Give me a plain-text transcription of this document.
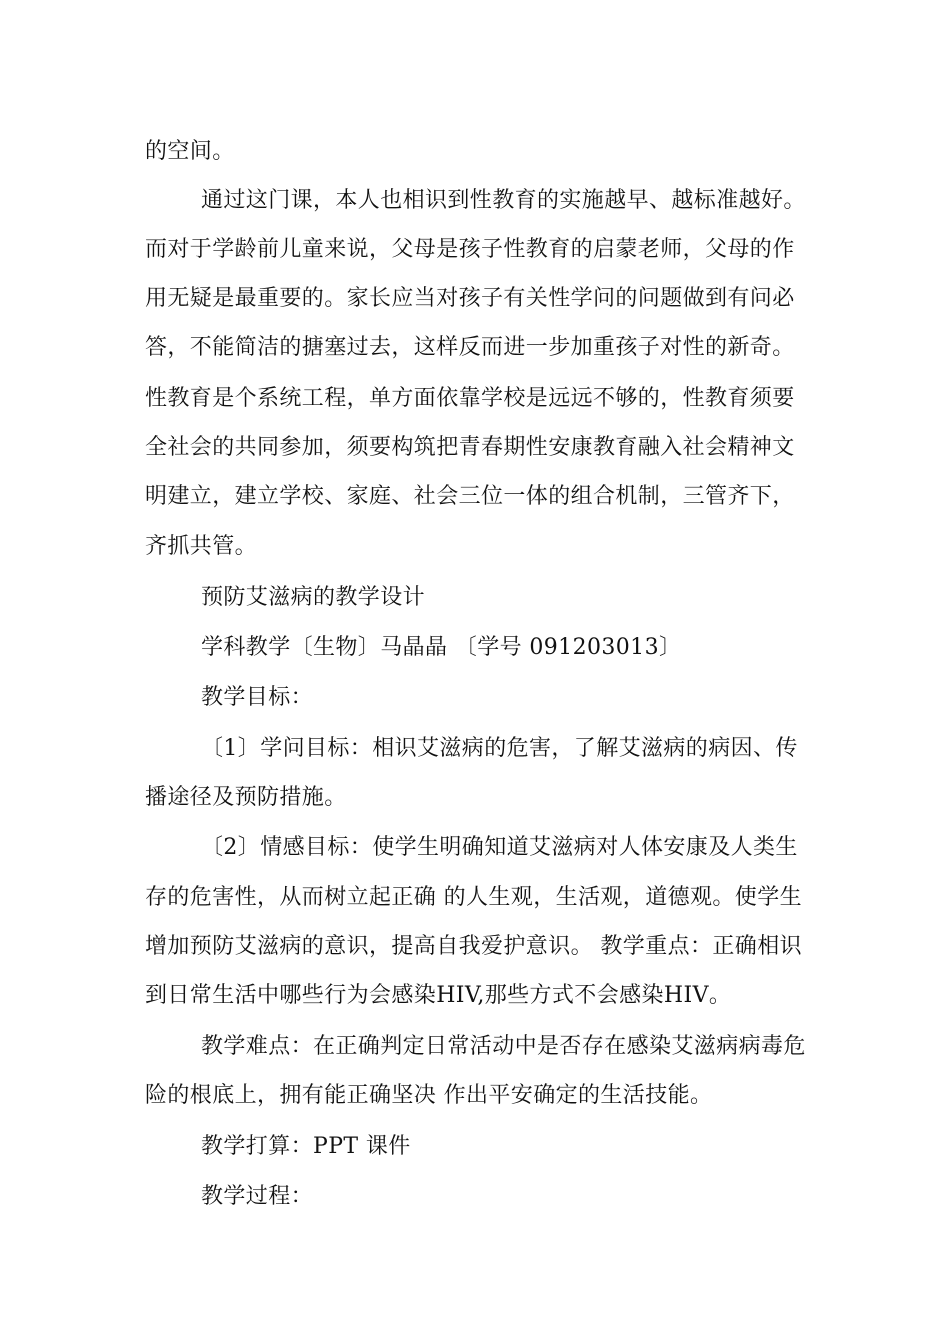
的空间。
通过这门课，本人也相识到性教育的实施越早、越标准越好。
而对于学龄前儿童来说，父母是孩子性教育的启蒙老师，父母的作
用无疑是最重要的。家长应当对孩子有关性学问的问题做到有问必
答，不能简洁的搪塞过去，这样反而进一步加重孩子对性的新奇。
性教育是个系统工程，单方面依靠学校是远远不够的，性教育须要
全社会的共同参加，须要构筑把青春期性安康教育融入社会精神文
明建立，建立学校、家庭、社会三位一体的组合机制，三管齐下，
齐抓共管。
预防艾滋病的教学设计
学科教学〔生物〕马晶晶 〔学号 091203013〕
教学目标：
〔1〕学问目标：相识艾滋病的危害，了解艾滋病的病因、传
播途径及预防措施。
〔2〕情感目标：使学生明确知道艾滋病对人体安康及人类生
存的危害性，从而树立起正确 的人生观，生活观，道德观。使学生
增加预防艾滋病的意识，提高自我爱护意识。 教学重点：正确相识
到日常生活中哪些行为会感染HIV,那些方式不会感染HIV。
教学难点：在正确判定日常活动中是否存在感染艾滋病病毒危
险的根底上，拥有能正确坚决 作出平安确定的生活技能。
教学打算：PPT 课件
教学过程：
